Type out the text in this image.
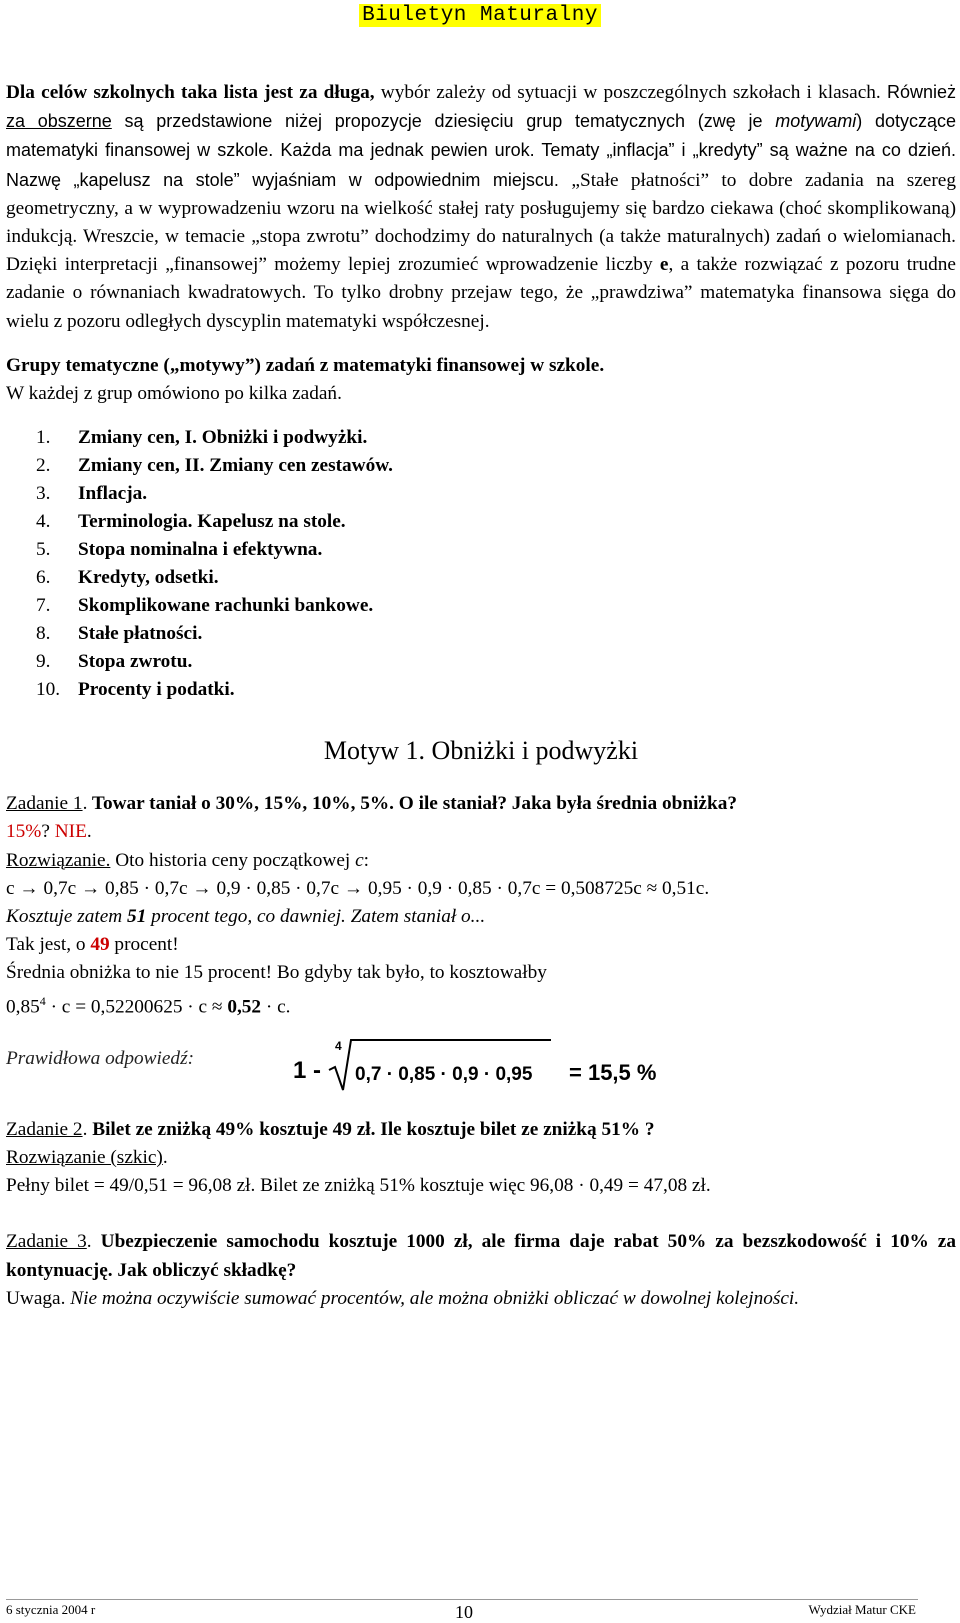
Biuletyn Maturalny

Dla celów szkolnych taka lista jest za długa, wybór zależy od sytuacji w poszczególnych szkołach i klasach. Również za obszerne są przedstawione niżej propozycje dziesięciu grup tematycznych (zwę je motywami) dotyczące matematyki finansowej w szkole. Każda ma jednak pewien urok. Tematy „inflacja” i „kredyty” są ważne na co dzień. Nazwę „kapelusz na stole” wyjaśniam w odpowiednim miejscu. „Stałe płatności” to dobre zadania na szereg geometryczny, a w wyprowadzeniu wzoru na wielkość stałej raty posługujemy się bardzo ciekawa (choć skomplikowaną) indukcją. Wreszcie, w temacie „stopa zwrotu” dochodzimy do naturalnych (a także maturalnych) zadań o wielomianach. Dzięki interpretacji „finansowej” możemy lepiej zrozumieć wprowadzenie liczby e, a także rozwiązać z pozoru trudne zadanie o równaniach kwadratowych. To tylko drobny przejaw tego, że „prawdziwa” matematyka finansowa sięga do wielu z pozoru odległych dyscyplin matematyki współczesnej.

Grupy tematyczne („motywy”) zadań z matematyki finansowej w szkole.

W każdej z grup omówiono po kilka zadań.

1. Zmiany cen, I. Obniżki i podwyżki.
2. Zmiany cen, II. Zmiany cen zestawów.
3. Inflacja.
4. Terminologia. Kapelusz na stole.
5. Stopa nominalna i efektywna.
6. Kredyty, odsetki.
7. Skomplikowane rachunki bankowe.
8. Stałe płatności.
9. Stopa zwrotu.
10. Procenty i podatki.
Motyw 1. Obniżki i podwyżki

Zadanie 1. Towar taniał o 30%, 15%, 10%, 5%. O ile staniał? Jaka była średnia obniżka?

15%? NIE.

Rozwiązanie. Oto historia ceny początkowej c:

c → 0,7c → 0,85 · 0,7c → 0,9 · 0,85 · 0,7c → 0,95 · 0,9 · 0,85 · 0,7c = 0,508725c ≈ 0,51c.

Kosztuje zatem 51 procent tego, co dawniej. Zatem staniał o...

Tak jest, o 49 procent!

Średnia obniżka to nie 15 procent! Bo gdyby tak było, to kosztowałby

$0,85^4 \cdot c = 0,52200625 \cdot c \approx 0,52 \cdot c$.

Prawidłowa odpowiedź:	1 -
4
0,7 · 0,85 · 0,9 · 0,95 = 15,5 %

Zadanie 2. Bilet ze zniżką 49% kosztuje 49 zł. Ile kosztuje bilet ze zniżką 51% ?

Rozwiązanie (szkic).

Pełny bilet = 49/0,51 = 96,08 zł. Bilet ze zniżką 51% kosztuje więc 96,08 · 0,49 = 47,08 zł.

Zadanie 3. Ubezpieczenie samochodu kosztuje 1000 zł, ale firma daje rabat 50% za bezszkodowość i 10% za kontynuację. Jak obliczyć składkę?

Uwaga. Nie można oczywiście sumować procentów, ale można obniżki obliczać w dowolnej kolejności.

6 stycznia 2004 r	10	Wydział Matur CKE
